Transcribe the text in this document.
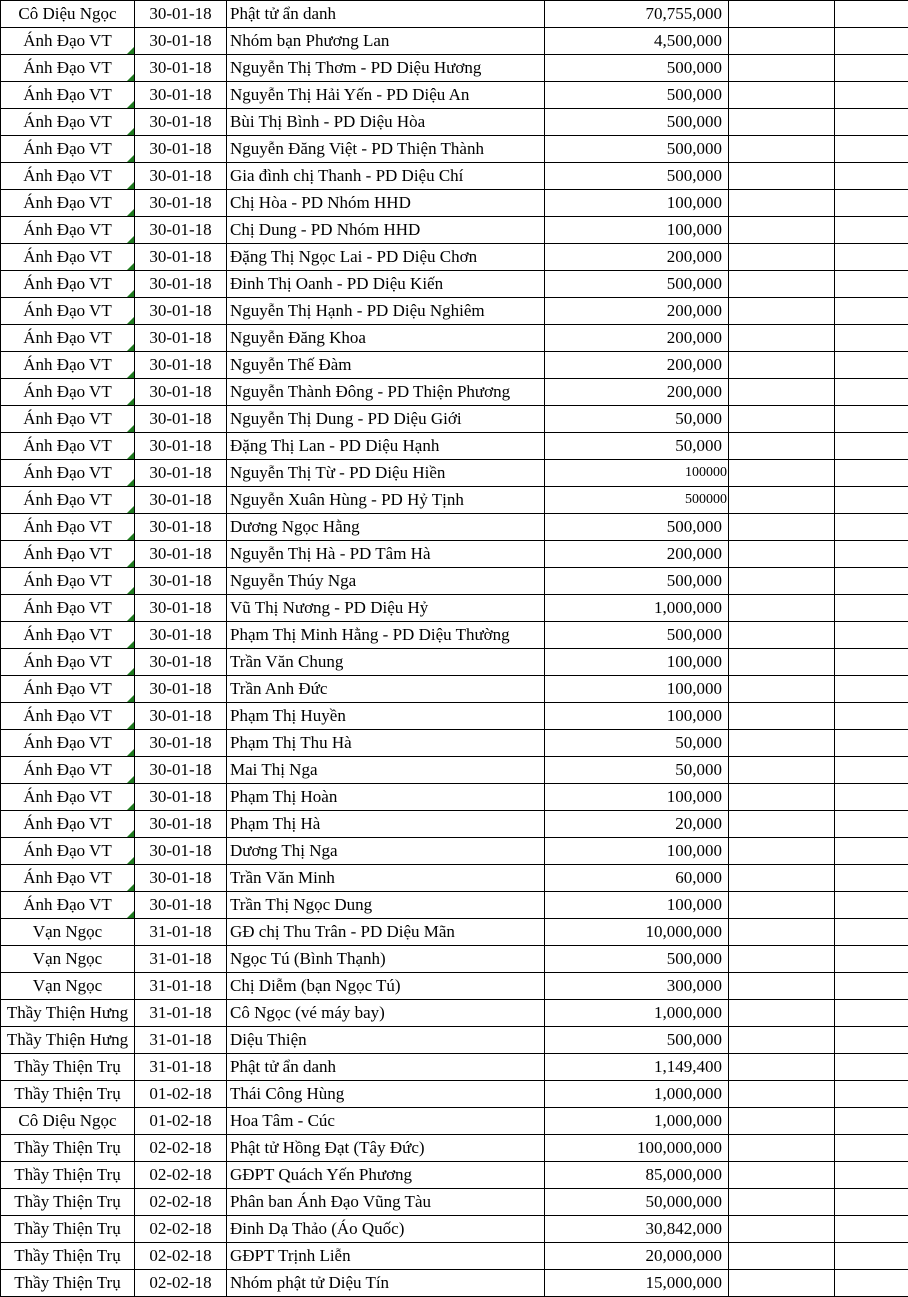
Cô Diệu Ngọc	30-01-18	Phật tử ẩn danh	70,755,000		
Ánh Đạo VT	30-01-18	Nhóm bạn Phương Lan	4,500,000		
Ánh Đạo VT	30-01-18	Nguyễn Thị Thơm - PD Diệu Hương	500,000		
Ánh Đạo VT	30-01-18	Nguyễn Thị Hải Yến - PD Diệu An	500,000		
Ánh Đạo VT	30-01-18	Bùi Thị Bình - PD Diệu Hòa	500,000		
Ánh Đạo VT	30-01-18	Nguyễn Đăng Việt - PD Thiện Thành	500,000		
Ánh Đạo VT	30-01-18	Gia đình chị Thanh - PD Diệu Chí	500,000		
Ánh Đạo VT	30-01-18	Chị Hòa - PD Nhóm HHD	100,000		
Ánh Đạo VT	30-01-18	Chị Dung - PD Nhóm HHD	100,000		
Ánh Đạo VT	30-01-18	Đặng Thị Ngọc Lai - PD Diệu Chơn	200,000		
Ánh Đạo VT	30-01-18	Đinh Thị Oanh - PD Diệu Kiến	500,000		
Ánh Đạo VT	30-01-18	Nguyễn Thị Hạnh - PD Diệu Nghiêm	200,000		
Ánh Đạo VT	30-01-18	Nguyễn Đăng Khoa	200,000		
Ánh Đạo VT	30-01-18	Nguyễn Thế Đàm	200,000		
Ánh Đạo VT	30-01-18	Nguyễn Thành Đông - PD Thiện Phương	200,000		
Ánh Đạo VT	30-01-18	Nguyễn Thị Dung - PD Diệu Giới	50,000		
Ánh Đạo VT	30-01-18	Đặng Thị Lan - PD Diệu Hạnh	50,000		
Ánh Đạo VT	30-01-18	Nguyễn Thị Từ - PD Diệu Hiền	100000		
Ánh Đạo VT	30-01-18	Nguyễn Xuân Hùng - PD Hỷ Tịnh	500000		
Ánh Đạo VT	30-01-18	Dương Ngọc Hằng	500,000		
Ánh Đạo VT	30-01-18	Nguyễn Thị Hà - PD Tâm Hà	200,000		
Ánh Đạo VT	30-01-18	Nguyễn Thúy Nga	500,000		
Ánh Đạo VT	30-01-18	Vũ Thị Nương - PD Diệu Hỷ	1,000,000		
Ánh Đạo VT	30-01-18	Phạm Thị Minh Hằng - PD Diệu Thường	500,000		
Ánh Đạo VT	30-01-18	Trần Văn Chung	100,000		
Ánh Đạo VT	30-01-18	Trần Anh Đức	100,000		
Ánh Đạo VT	30-01-18	Phạm Thị Huyền	100,000		
Ánh Đạo VT	30-01-18	Phạm Thị Thu Hà	50,000		
Ánh Đạo VT	30-01-18	Mai Thị Nga	50,000		
Ánh Đạo VT	30-01-18	Phạm Thị Hoàn	100,000		
Ánh Đạo VT	30-01-18	Phạm Thị Hà	20,000		
Ánh Đạo VT	30-01-18	Dương Thị Nga	100,000		
Ánh Đạo VT	30-01-18	Trần Văn Minh	60,000		
Ánh Đạo VT	30-01-18	Trần Thị Ngọc Dung	100,000		
Vạn Ngọc	31-01-18	GĐ chị Thu Trân - PD Diệu Mãn	10,000,000		
Vạn Ngọc	31-01-18	Ngọc Tú (Bình Thạnh)	500,000		
Vạn Ngọc	31-01-18	Chị Diễm (bạn Ngọc Tú)	300,000		
Thầy Thiện Hưng	31-01-18	Cô Ngọc (vé máy bay)	1,000,000		
Thầy Thiện Hưng	31-01-18	Diệu Thiện	500,000		
Thầy Thiện Trụ	31-01-18	Phật tử ẩn danh	1,149,400		
Thầy Thiện Trụ	01-02-18	Thái Công Hùng	1,000,000		
Cô Diệu Ngọc	01-02-18	Hoa Tâm - Cúc	1,000,000		
Thầy Thiện Trụ	02-02-18	Phật tử Hồng Đạt (Tây Đức)	100,000,000		
Thầy Thiện Trụ	02-02-18	GĐPT Quách Yến Phương	85,000,000		
Thầy Thiện Trụ	02-02-18	Phân ban Ánh Đạo Vũng Tàu	50,000,000		
Thầy Thiện Trụ	02-02-18	Đinh Dạ Thảo (Áo Quốc)	30,842,000		
Thầy Thiện Trụ	02-02-18	GĐPT Trịnh Liễn	20,000,000		
Thầy Thiện Trụ	02-02-18	Nhóm phật tử Diệu Tín	15,000,000		
